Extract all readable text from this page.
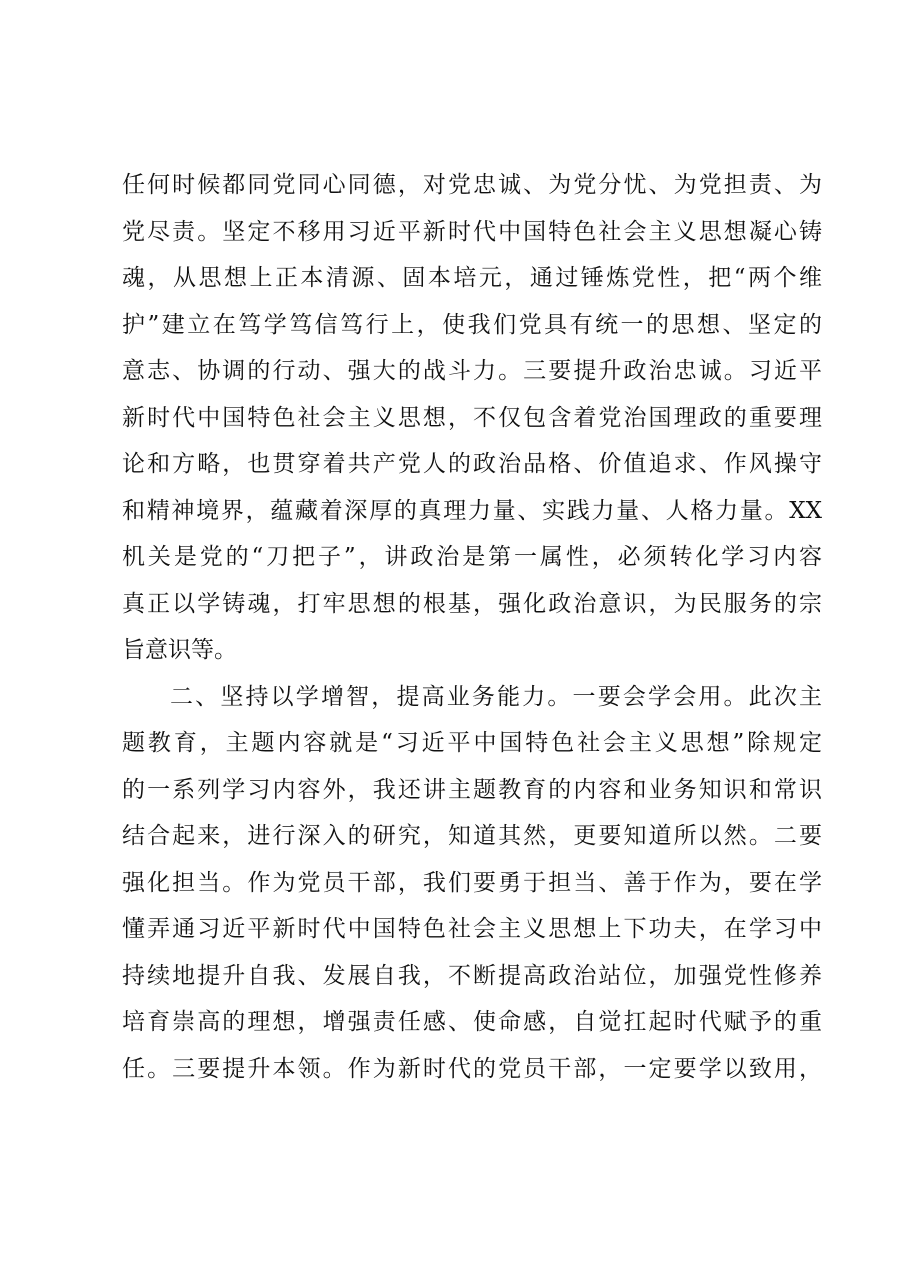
任何时候都同党同心同德，对党忠诚、为党分忧、为党担责、为
党尽责。坚定不移用习近平新时代中国特色社会主义思想凝心铸
魂，从思想上正本清源、固本培元，通过锤炼党性，把“两个维
护”建立在笃学笃信笃行上，使我们党具有统一的思想、坚定的
意志、协调的行动、强大的战斗力。三要提升政治忠诚。习近平
新时代中国特色社会主义思想，不仅包含着党治国理政的重要理
论和方略，也贯穿着共产党人的政治品格、价值追求、作风操守
和精神境界，蕴藏着深厚的真理力量、实践力量、人格力量。XX
机关是党的“刀把子”，讲政治是第一属性，必须转化学习内容
真正以学铸魂，打牢思想的根基，强化政治意识，为民服务的宗
旨意识等。
二、坚持以学增智，提高业务能力。一要会学会用。此次主
题教育，主题内容就是“习近平中国特色社会主义思想”除规定
的一系列学习内容外，我还讲主题教育的内容和业务知识和常识
结合起来，进行深入的研究，知道其然，更要知道所以然。二要
强化担当。作为党员干部，我们要勇于担当、善于作为，要在学
懂弄通习近平新时代中国特色社会主义思想上下功夫，在学习中
持续地提升自我、发展自我，不断提高政治站位，加强党性修养
培育崇高的理想，增强责任感、使命感，自觉扛起时代赋予的重
任。三要提升本领。作为新时代的党员干部，一定要学以致用，
